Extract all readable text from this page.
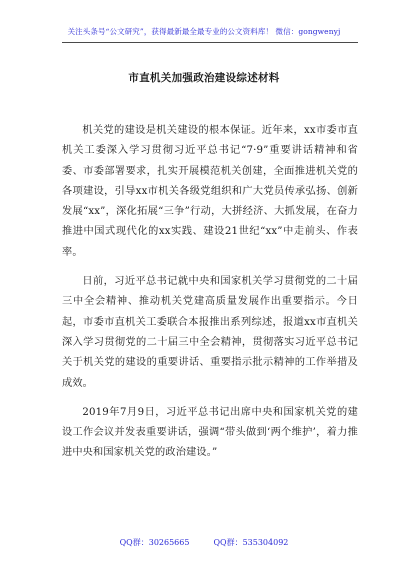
关注头条号“公文研究”，获得最新最全最专业的公文资料库！ 微信：gongwenyj
市直机关加强政治建设综述材料

机关党的建设是机关建设的根本保证。近年来，xx市委市直机关工委深入学习贯彻习近平总书记“7·9”重要讲话精神和省委、市委部署要求，扎实开展模范机关创建，全面推进机关党的各项建设，引导xx市机关各级党组织和广大党员传承弘扬、创新发展“xx”，深化拓展“三争”行动，大拼经济、大抓发展，在奋力推进中国式现代化的xx实践、建设21世纪“xx”中走前头、作表率。

日前，习近平总书记就中央和国家机关学习贯彻党的二十届三中全会精神、推动机关党建高质量发展作出重要指示。今日起，市委市直机关工委联合本报推出系列综述，报道xx市直机关深入学习贯彻党的二十届三中全会精神，贯彻落实习近平总书记关于机关党的建设的重要讲话、重要指示批示精神的工作举措及成效。

2019年7月9日，习近平总书记出席中央和国家机关党的建设工作会议并发表重要讲话，强调“带头做到‘两个维护’，着力推进中央和国家机关党的政治建设。”

QQ群：30265665	QQ群：535304092
